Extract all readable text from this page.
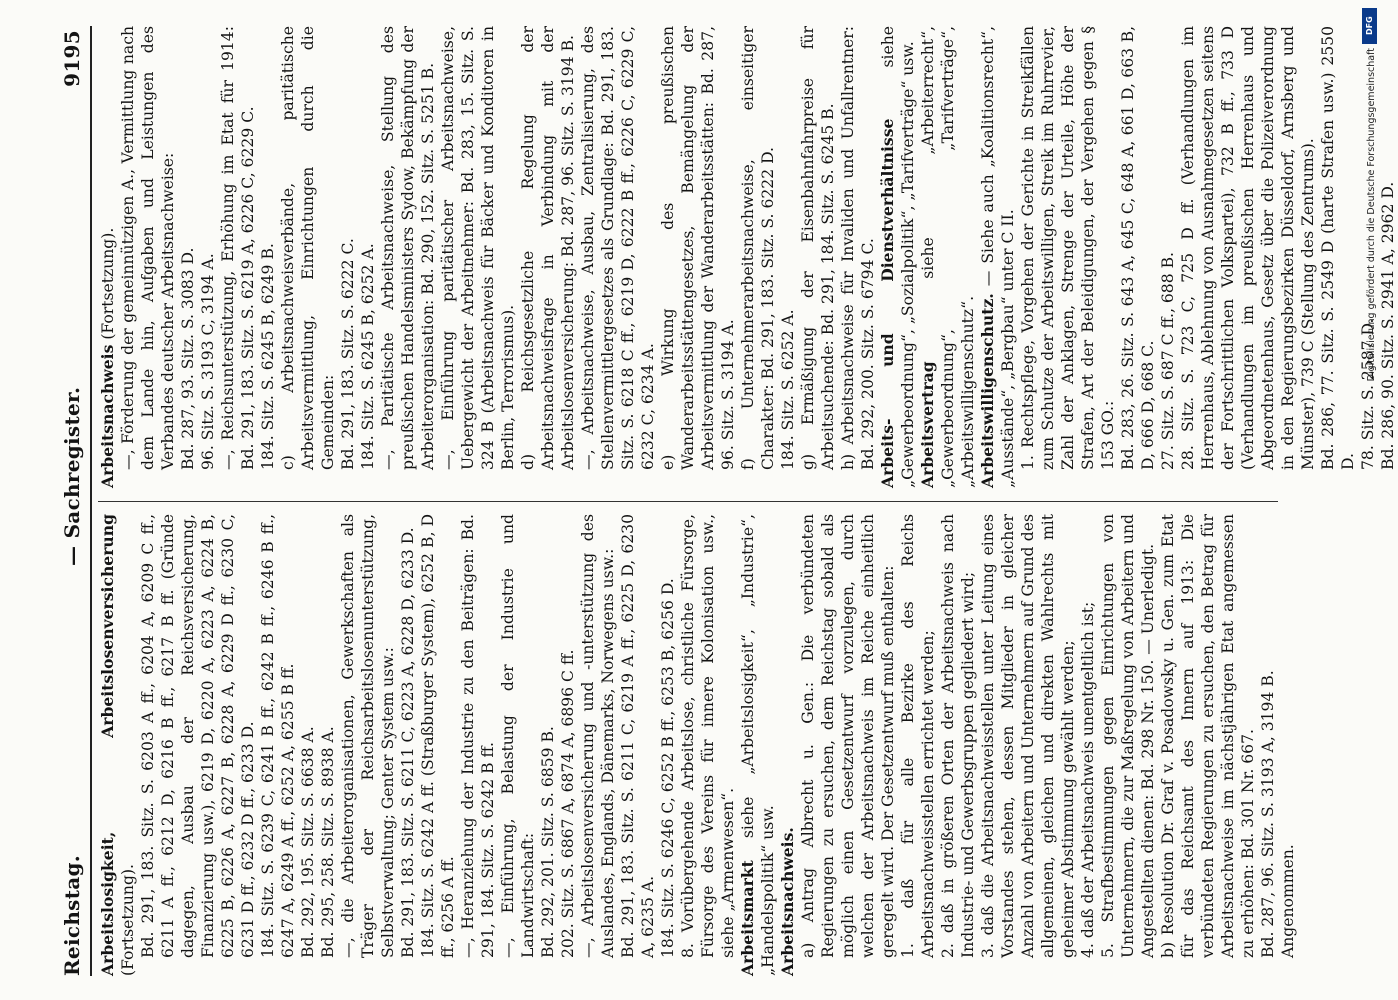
Reichstag.
— Sachregister.
9195

Arbeitslosigkeit, Arbeitslosenversicherung (Fortsetzung). Bd. 291, 183. Sitz. S. 6203 A ff., 6204 A, 6209 C ff., 6211 A ff., 6212 D, 6216 B ff., 6217 B ff. (Gründe dagegen, Ausbau der Reichsversicherung, Finanzierung usw.), 6219 D, 6220 A, 6223 A, 6224 B, 6225 B, 6226 A, 6227 B, 6228 A, 6229 D ff., 6230 C, 6231 D ff., 6232 D ff., 6233 D. 184. Sitz. S. 6239 C, 6241 B ff., 6242 B ff., 6246 B ff., 6247 A, 6249 A ff., 6252 A, 6255 B ff. Bd. 292, 195. Sitz. S. 6638 A. Bd. 295, 258. Sitz. S. 8938 A. —, die Arbeiterorganisationen, Gewerkschaften als Träger der Reichsarbeitslosenunterstützung, Selbstverwaltung; Genter System usw.: Bd. 291, 183. Sitz. S. 6211 C, 6223 A, 6228 D, 6233 D. 184. Sitz. S. 6242 A ff. (Straßburger System), 6252 B, D ff., 6256 A ff. —, Heranziehung der Industrie zu den Beiträgen: Bd. 291, 184. Sitz. S. 6242 B ff. —, Einführung, Belastung der Industrie und Landwirtschaft: Bd. 292, 201. Sitz. S. 6859 B. 202. Sitz. S. 6867 A, 6874 A, 6896 C ff. —, Arbeitslosenversicherung und -unterstützung des Auslandes, Englands, Dänemarks, Norwegens usw.: Bd. 291, 183. Sitz. S. 6211 C, 6219 A ff., 6225 D, 6230 A, 6235 A. 184. Sitz. S. 6246 C, 6252 B ff., 6253 B, 6256 D. 8. Vorübergehende Arbeitslose, christliche Fürsorge, Fürsorge des Vereins für innere Kolonisation usw., siehe „Armenwesen“. Arbeitsmarkt siehe „Arbeitslosigkeit“, „Industrie“, „Handelspolitik“ usw. Arbeitsnachweis. a) Antrag Albrecht u. Gen.: Die verbündeten Regierungen zu ersuchen, dem Reichstag sobald als möglich einen Gesetzentwurf vorzulegen, durch welchen der Arbeitsnachweis im Reiche einheitlich geregelt wird. Der Gesetzentwurf muß enthalten: 1. daß für alle Bezirke des Reichs Arbeitsnachweisstellen errichtet werden; 2. daß in größeren Orten der Arbeitsnachweis nach Industrie- und Gewerbsgruppen gegliedert wird; 3. daß die Arbeitsnachweisstellen unter Leitung eines Vorstandes stehen, dessen Mitglieder in gleicher Anzahl von Arbeitern und Unternehmern auf Grund des allgemeinen, gleichen und direkten Wahlrechts mit geheimer Abstimmung gewählt werden; 4. daß der Arbeitsnachweis unentgeltlich ist; 5. Strafbestimmungen gegen Einrichtungen von Unternehmern, die zur Maßregelung von Arbeitern und Angestellten dienen: Bd. 298 Nr. 150. — Unerledigt. b) Resolution Dr. Graf v. Posadowsky u. Gen. zum Etat für das Reichsamt des Innern auf 1913: Die verbündeten Regierungen zu ersuchen, den Betrag für Arbeitsnachweise im nächstjährigen Etat angemessen zu erhöhen: Bd. 301 Nr. 667. Bd. 287, 96. Sitz. S. 3193 A, 3194 B. Angenommen.

Arbeitsnachweis (Fortsetzung). —, Förderung der gemeinnützigen A., Vermittlung nach dem Lande hin, Aufgaben und Leistungen des Verbandes deutscher Arbeitsnachweise: Bd. 287, 93. Sitz. S. 3083 D. 96. Sitz. S. 3193 C, 3194 A. —, Reichsunterstützung, Erhöhung im Etat für 1914: Bd. 291, 183. Sitz. S. 6219 A, 6226 C, 6229 C. 184. Sitz. S. 6245 B, 6249 B. c) Arbeitsnachweisverbände, paritätische Arbeitsvermittlung, Einrichtungen durch die Gemeinden: Bd. 291, 183. Sitz. S. 6222 C. 184. Sitz. S. 6245 B, 6252 A. —, Paritätische Arbeitsnachweise, Stellung des preußischen Handelsministers Sydow, Bekämpfung der Arbeiterorganisation: Bd. 290, 152. Sitz. S. 5251 B. —, Einführung paritätischer Arbeitsnachweise, Uebergewicht der Arbeitnehmer: Bd. 283, 15. Sitz. S. 324 B (Arbeitsnachweis für Bäcker und Konditoren in Berlin, Terrorismus). d) Reichsgesetzliche Regelung der Arbeitsnachweisfrage in Verbindung mit der Arbeitslosenversicherung: Bd. 287, 96. Sitz. S. 3194 B. —, Arbeitsnachweise, Ausbau, Zentralisierung, des Stellenvermittlergesetzes als Grundlage: Bd. 291, 183. Sitz. S. 6218 C ff., 6219 D, 6222 B ff., 6226 C, 6229 C, 6232 C, 6234 A. e) Wirkung des preußischen Wanderarbeitsstättengesetzes, Bemängelung der Arbeitsvermittlung der Wanderarbeitsstätten: Bd. 287, 96. Sitz. S. 3194 A. f) Unternehmerarbeitsnachweise, einseitiger Charakter: Bd. 291, 183. Sitz. S. 6222 D. 184. Sitz. S. 6252 A. g) Ermäßigung der Eisenbahnfahrpreise für Arbeitsuchende: Bd. 291, 184. Sitz. S. 6245 B. h) Arbeitsnachweise für Invaliden und Unfallrentner: Bd. 292, 200. Sitz. S. 6794 C. Arbeits- und Dienstverhältnisse siehe „Gewerbeordnung“, „Sozialpolitik“, „Tarifverträge“ usw. Arbeitsvertrag siehe „Arbeiterrecht“, „Gewerbeordnung“, „Tarifverträge“, „Arbeitswilligenschutz“. Arbeitswilligenschutz. — Siehe auch „Koalitionsrecht“, „Ausstände“, „Bergbau“ unter C II. 1. Rechtspflege, Vorgehen der Gerichte in Streikfällen zum Schutze der Arbeitswilligen, Streik im Ruhrrevier, Zahl der Anklagen, Strenge der Urteile, Höhe der Strafen, Art der Beleidigungen, der Vergehen gegen § 153 GO.: Bd. 283, 26. Sitz. S. 643 A, 645 C, 648 A, 661 D, 663 B, D, 666 D, 668 C. 27. Sitz. S. 687 C ff., 688 B. 28. Sitz. S. 723 C, 725 D ff. (Verhandlungen im Herrenhaus, Ablehnung von Ausnahmegesetzen seitens der Fortschrittlichen Volkspartei), 732 B ff., 733 D (Verhandlungen im preußischen Herrenhaus und Abgeordnetenhaus, Gesetz über die Polizeiverordnung in den Regierungsbezirken Düsseldorf, Arnsberg und Münster), 739 C (Stellung des Zentrums). Bd. 286, 77. Sitz. S. 2549 D (harte Strafen usw.) 2550 D. 78. Sitz. S. 2587 D. Bd. 286, 90. Sitz. S. 2941 A, 2962 D.

DFG
Digitalisierung gefördert durch die Deutsche Forschungsgemeinschaft
